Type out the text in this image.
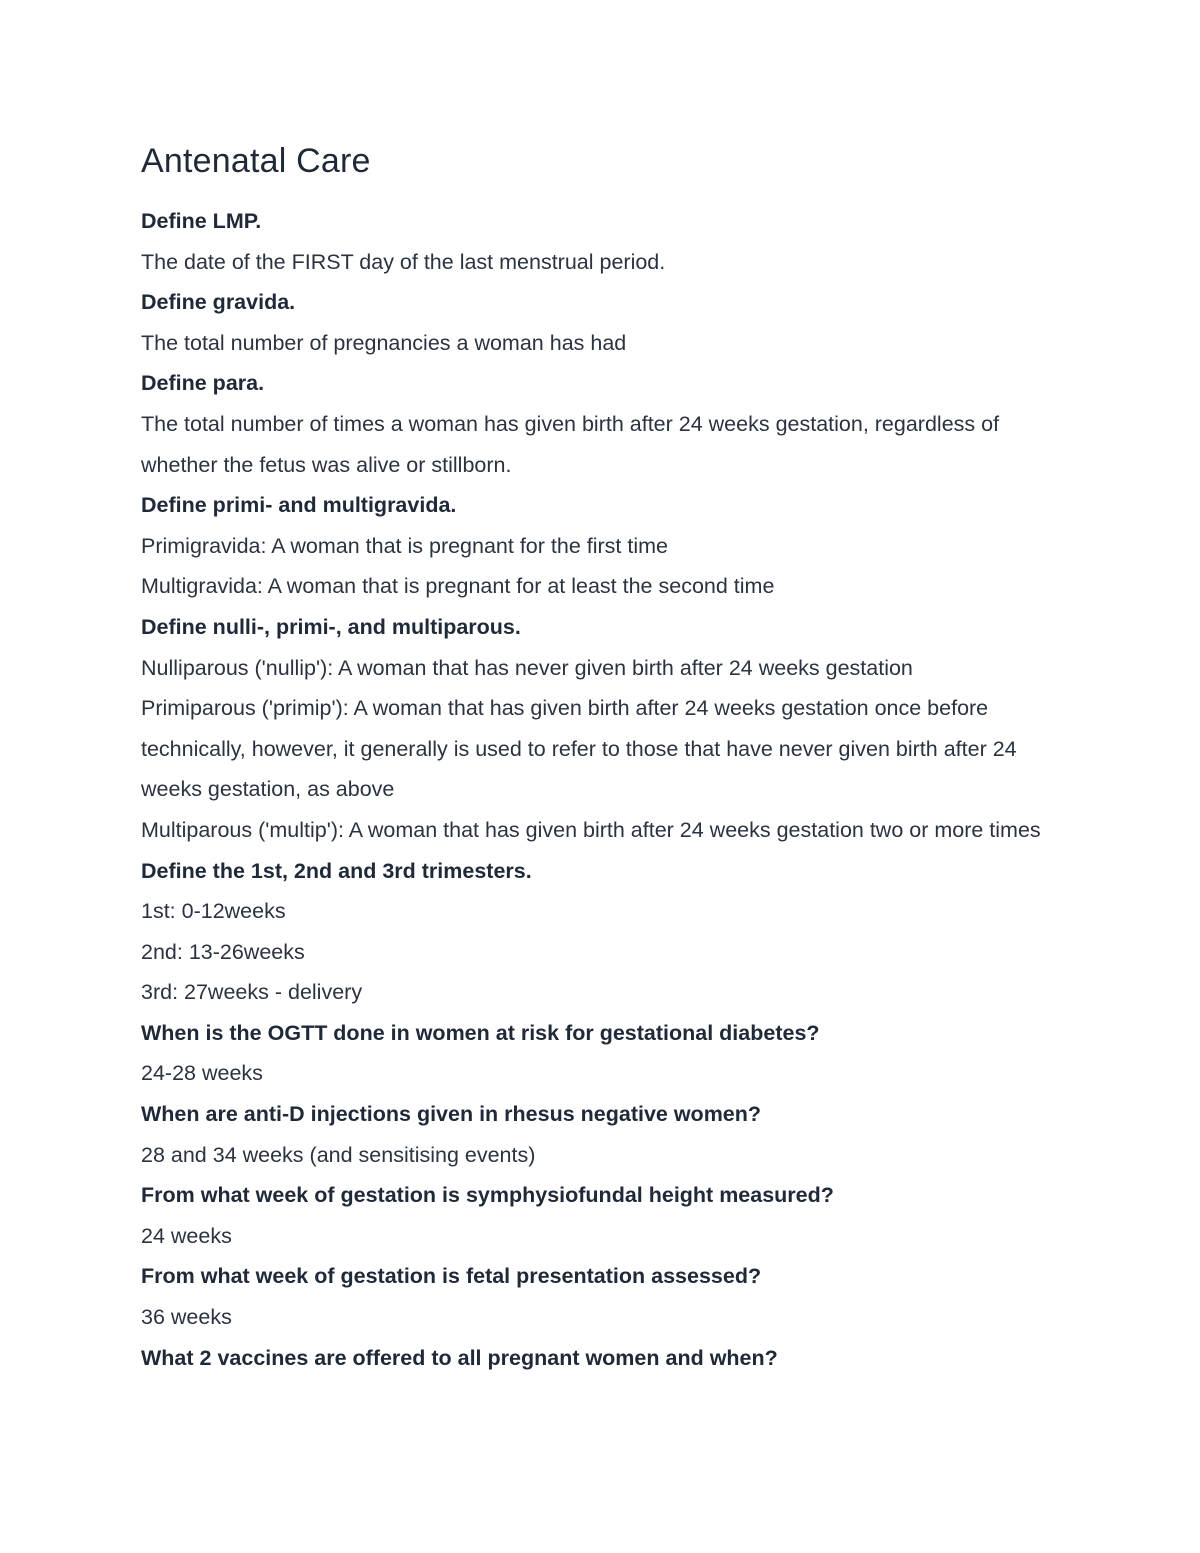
Antenatal Care

Define LMP.

The date of the FIRST day of the last menstrual period.

Define gravida.

The total number of pregnancies a woman has had

Define para.

The total number of times a woman has given birth after 24 weeks gestation, regardless of whether the fetus was alive or stillborn.

Define primi- and multigravida.

Primigravida: A woman that is pregnant for the first time

Multigravida: A woman that is pregnant for at least the second time

Define nulli-, primi-, and multiparous.

Nulliparous ('nullip'): A woman that has never given birth after 24 weeks gestation

Primiparous ('primip'): A woman that has given birth after 24 weeks gestation once before technically, however, it generally is used to refer to those that have never given birth after 24 weeks gestation, as above

Multiparous ('multip'): A woman that has given birth after 24 weeks gestation two or more times

Define the 1st, 2nd and 3rd trimesters.

1st: 0-12weeks

2nd: 13-26weeks

3rd: 27weeks - delivery

When is the OGTT done in women at risk for gestational diabetes?

24-28 weeks

When are anti-D injections given in rhesus negative women?

28 and 34 weeks (and sensitising events)

From what week of gestation is symphysiofundal height measured?

24 weeks

From what week of gestation is fetal presentation assessed?

36 weeks

What 2 vaccines are offered to all pregnant women and when?
